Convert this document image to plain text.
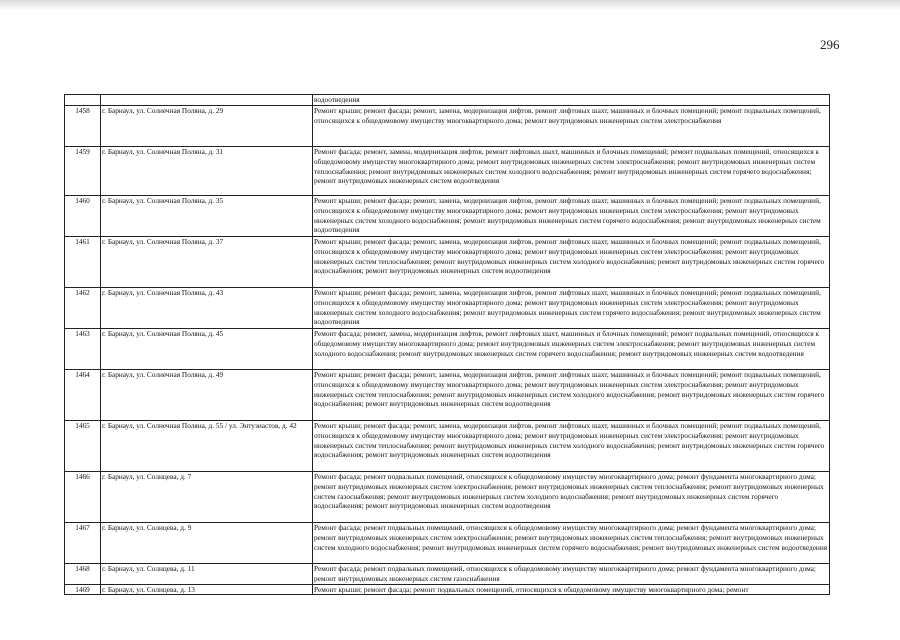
296
		водоотведения
1458	г. Барнаул, ул. Солнечная Поляна, д. 29	Ремонт крыши; ремонт фасада; ремонт, замена, модернизация лифтов, ремонт лифтовых шахт, машинных и блочных помещений; ремонт подвальных помещений, относящихся к общедомовому имуществу многоквартирного дома; ремонт внутридомовых инженерных систем электроснабжения
1459	г. Барнаул, ул. Солнечная Поляна, д. 31	Ремонт фасада; ремонт, замена, модернизация лифтов, ремонт лифтовых шахт, машинных и блочных помещений; ремонт подвальных помещений, относящихся к общедомовому имуществу многоквартирного дома; ремонт внутридомовых инженерных систем электроснабжения; ремонт внутридомовых инженерных систем теплоснабжения; ремонт внутридомовых инженерных систем холодного водоснабжения; ремонт внутридомовых инженерных систем горячего водоснабжения; ремонт внутридомовых инженерных систем водоотведения
1460	г. Барнаул, ул. Солнечная Поляна, д. 35	Ремонт крыши; ремонт фасада; ремонт, замена, модернизация лифтов, ремонт лифтовых шахт, машинных и блочных помещений; ремонт подвальных помещений, относящихся к общедомовому имуществу многоквартирного дома; ремонт внутридомовых инженерных систем электроснабжения; ремонт внутридомовых инженерных систем холодного водоснабжения; ремонт внутридомовых инженерных систем горячего водоснабжения; ремонт внутридомовых инженерных систем водоотведения
1461	г. Барнаул, ул. Солнечная Поляна, д. 37	Ремонт крыши; ремонт фасада; ремонт, замена, модернизация лифтов, ремонт лифтовых шахт, машинных и блочных помещений; ремонт подвальных помещений, относящихся к общедомовому имуществу многоквартирного дома; ремонт внутридомовых инженерных систем электроснабжения; ремонт внутридомовых инженерных систем теплоснабжения; ремонт внутридомовых инженерных систем холодного водоснабжения; ремонт внутридомовых инженерных систем горячего водоснабжения; ремонт внутридомовых инженерных систем водоотведения
1462	г. Барнаул, ул. Солнечная Поляна, д. 43	Ремонт крыши; ремонт фасада; ремонт, замена, модернизация лифтов, ремонт лифтовых шахт, машинных и блочных помещений; ремонт подвальных помещений, относящихся к общедомовому имуществу многоквартирного дома; ремонт внутридомовых инженерных систем электроснабжения; ремонт внутридомовых инженерных систем холодного водоснабжения; ремонт внутридомовых инженерных систем горячего водоснабжения; ремонт внутридомовых инженерных систем водоотведения
1463	г. Барнаул, ул. Солнечная Поляна, д. 45	Ремонт фасада; ремонт, замена, модернизация лифтов, ремонт лифтовых шахт, машинных и блочных помещений; ремонт подвальных помещений, относящихся к общедомовому имуществу многоквартирного дома; ремонт внутридомовых инженерных систем электроснабжения; ремонт внутридомовых инженерных систем холодного водоснабжения; ремонт внутридомовых инженерных систем горячего водоснабжения; ремонт внутридомовых инженерных систем водоотведения
1464	г. Барнаул, ул. Солнечная Поляна, д. 49	Ремонт крыши; ремонт фасада; ремонт, замена, модернизация лифтов, ремонт лифтовых шахт, машинных и блочных помещений; ремонт подвальных помещений, относящихся к общедомовому имуществу многоквартирного дома; ремонт внутридомовых инженерных систем электроснабжения; ремонт внутридомовых инженерных систем теплоснабжения; ремонт внутридомовых инженерных систем холодного водоснабжения; ремонт внутридомовых инженерных систем горячего водоснабжения; ремонт внутридомовых инженерных систем водоотведения
1465	г. Барнаул, ул. Солнечная Поляна, д. 55 / ул. Энтузиастов, д. 42	Ремонт крыши; ремонт фасада; ремонт, замена, модернизация лифтов, ремонт лифтовых шахт, машинных и блочных помещений; ремонт подвальных помещений, относящихся к общедомовому имуществу многоквартирного дома; ремонт внутридомовых инженерных систем электроснабжения; ремонт внутридомовых инженерных систем теплоснабжения; ремонт внутридомовых инженерных систем холодного водоснабжения; ремонт внутридомовых инженерных систем горячего водоснабжения; ремонт внутридомовых инженерных систем водоотведения
1466	г. Барнаул, ул. Солнцева, д. 7	Ремонт фасада; ремонт подвальных помещений, относящихся к общедомовому имуществу многоквартирного дома; ремонт фундамента многоквартирного дома; ремонт внутридомовых инженерных систем электроснабжения; ремонт внутридомовых инженерных систем теплоснабжения; ремонт внутридомовых инженерных систем газоснабжения; ремонт внутридомовых инженерных систем холодного водоснабжения; ремонт внутридомовых инженерных систем горячего водоснабжения; ремонт внутридомовых инженерных систем водоотведения
1467	г. Барнаул, ул. Солнцева, д. 9	Ремонт фасада; ремонт подвальных помещений, относящихся к общедомовому имуществу многоквартирного дома; ремонт фундамента многоквартирного дома; ремонт внутридомовых инженерных систем электроснабжения; ремонт внутридомовых инженерных систем теплоснабжения; ремонт внутридомовых инженерных систем холодного водоснабжения; ремонт внутридомовых инженерных систем горячего водоснабжения; ремонт внутридомовых инженерных систем водоотведения
1468	г. Барнаул, ул. Солнцева, д. 11	Ремонт фасада; ремонт подвальных помещений, относящихся к общедомовому имуществу многоквартирного дома; ремонт фундамента многоквартирного дома; ремонт внутридомовых инженерных систем газоснабжения
1469	г. Барнаул, ул. Солнцева, д. 13	Ремонт крыши; ремонт фасада; ремонт подвальных помещений, относящихся к общедомовому имуществу многоквартирного дома; ремонт
